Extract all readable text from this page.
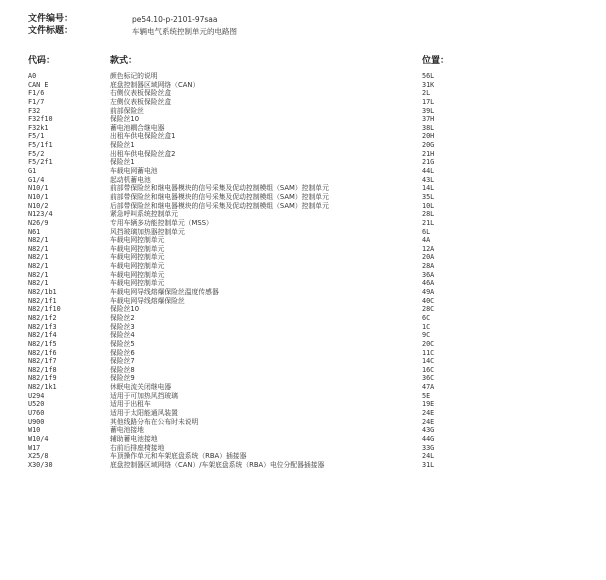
文件编号：	pe54.10-p-2101-97saa
文件标题：	车辆电气系统控制单元的电路图
代码：	款式：	位置：
A0	颜色标记的说明	56L
CAN E	底盘控制器区域网络（CAN）	31K
F1/6	右侧仪表板保险丝盒	2L
F1/7	左侧仪表板保险丝盒	17L
F32	前部保险丝	39L
F32f10	保险丝10	37H
F32k1	蓄电池耦合继电器	38L
F5/1	出租车供电保险丝盒1	20H
F5/1f1	保险丝1	20G
F5/2	出租车供电保险丝盒2	21H
F5/2f1	保险丝1	21G
G1	车载电网蓄电池	44L
G1/4	起动机蓄电池	43L
N10/1	前部带保险丝和继电器模块的信号采集及促动控制模组（SAM）控制单元	14L
N10/1	前部带保险丝和继电器模块的信号采集及促动控制模组（SAM）控制单元	35L
N10/2	后部带保险丝和继电器模块的信号采集及促动控制模组（SAM）控制单元	10L
N123/4	紧急呼叫系统控制单元	28L
N26/9	专用车辆多功能控制单元（MSS）	21L
N61	风挡玻璃加热器控制单元	6L
N82/1	车载电网控制单元	4A
N82/1	车载电网控制单元	12A
N82/1	车载电网控制单元	20A
N82/1	车载电网控制单元	28A
N82/1	车载电网控制单元	36A
N82/1	车载电网控制单元	46A
N82/1b1	车载电网导线熔爆保险丝温度传感器	49A
N82/1f1	车载电网导线熔爆保险丝	40C
N82/1f10	保险丝10	28C
N82/1f2	保险丝2	6C
N82/1f3	保险丝3	1C
N82/1f4	保险丝4	9C
N82/1f5	保险丝5	20C
N82/1f6	保险丝6	11C
N82/1f7	保险丝7	14C
N82/1f8	保险丝8	16C
N82/1f9	保险丝9	36C
N82/1k1	休眠电流关闭继电器	47A
U294	适用于可加热风挡玻璃	5E
U520	适用于出租车	19E
U760	适用于太阳能通风装置	24E
U900	其他线路分布在公布时未说明	24E
W10	蓄电池接地	43G
W10/4	辅助蓄电池接地	44G
W17	右前后排座椅接地	33G
X25/8	车顶操作单元和车架底盘系统（RBA）插接器	24L
X30/30	底盘控制器区域网络（CAN）/车架底盘系统（RBA）电位分配器插接器	31L
